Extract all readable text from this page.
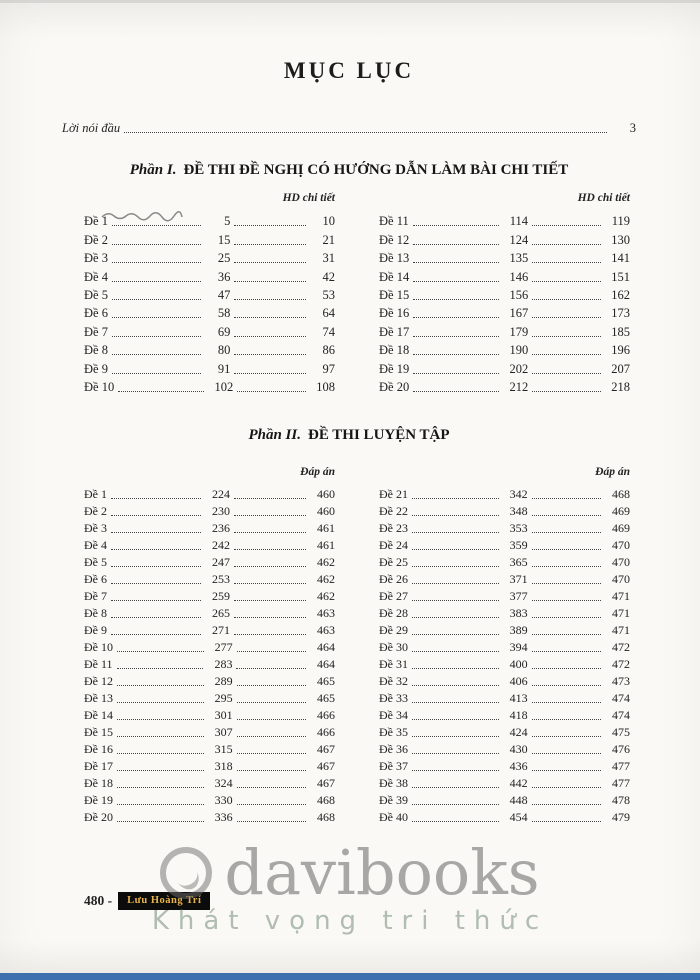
MỤC LỤC
Lời nói đầu	3
Phần I. ĐỀ THI ĐỀ NGHỊ CÓ HƯỚNG DẪN LÀM BÀI CHI TIẾT
HD chi tiết
Đề 1	5	10
Đề 2	15	21
Đề 3	25	31
Đề 4	36	42
Đề 5	47	53
Đề 6	58	64
Đề 7	69	74
Đề 8	80	86
Đề 9	91	97
Đề 10	102	108
HD chi tiết
Đề 11	114	119
Đề 12	124	130
Đề 13	135	141
Đề 14	146	151
Đề 15	156	162
Đề 16	167	173
Đề 17	179	185
Đề 18	190	196
Đề 19	202	207
Đề 20	212	218
Phần II. ĐỀ THI LUYỆN TẬP
Đáp án
Đề 1	224	460
Đề 2	230	460
Đề 3	236	461
Đề 4	242	461
Đề 5	247	462
Đề 6	253	462
Đề 7	259	462
Đề 8	265	463
Đề 9	271	463
Đề 10	277	464
Đề 11	283	464
Đề 12	289	465
Đề 13	295	465
Đề 14	301	466
Đề 15	307	466
Đề 16	315	467
Đề 17	318	467
Đề 18	324	467
Đề 19	330	468
Đề 20	336	468
Đáp án
Đề 21	342	468
Đề 22	348	469
Đề 23	353	469
Đề 24	359	470
Đề 25	365	470
Đề 26	371	470
Đề 27	377	471
Đề 28	383	471
Đề 29	389	471
Đề 30	394	472
Đề 31	400	472
Đề 32	406	473
Đề 33	413	474
Đề 34	418	474
Đề 35	424	475
Đề 36	430	476
Đề 37	436	477
Đề 38	442	477
Đề 39	448	478
Đề 40	454	479
480 -	Lưu Hoàng Trí davibooks
Khát vọng tri thức
